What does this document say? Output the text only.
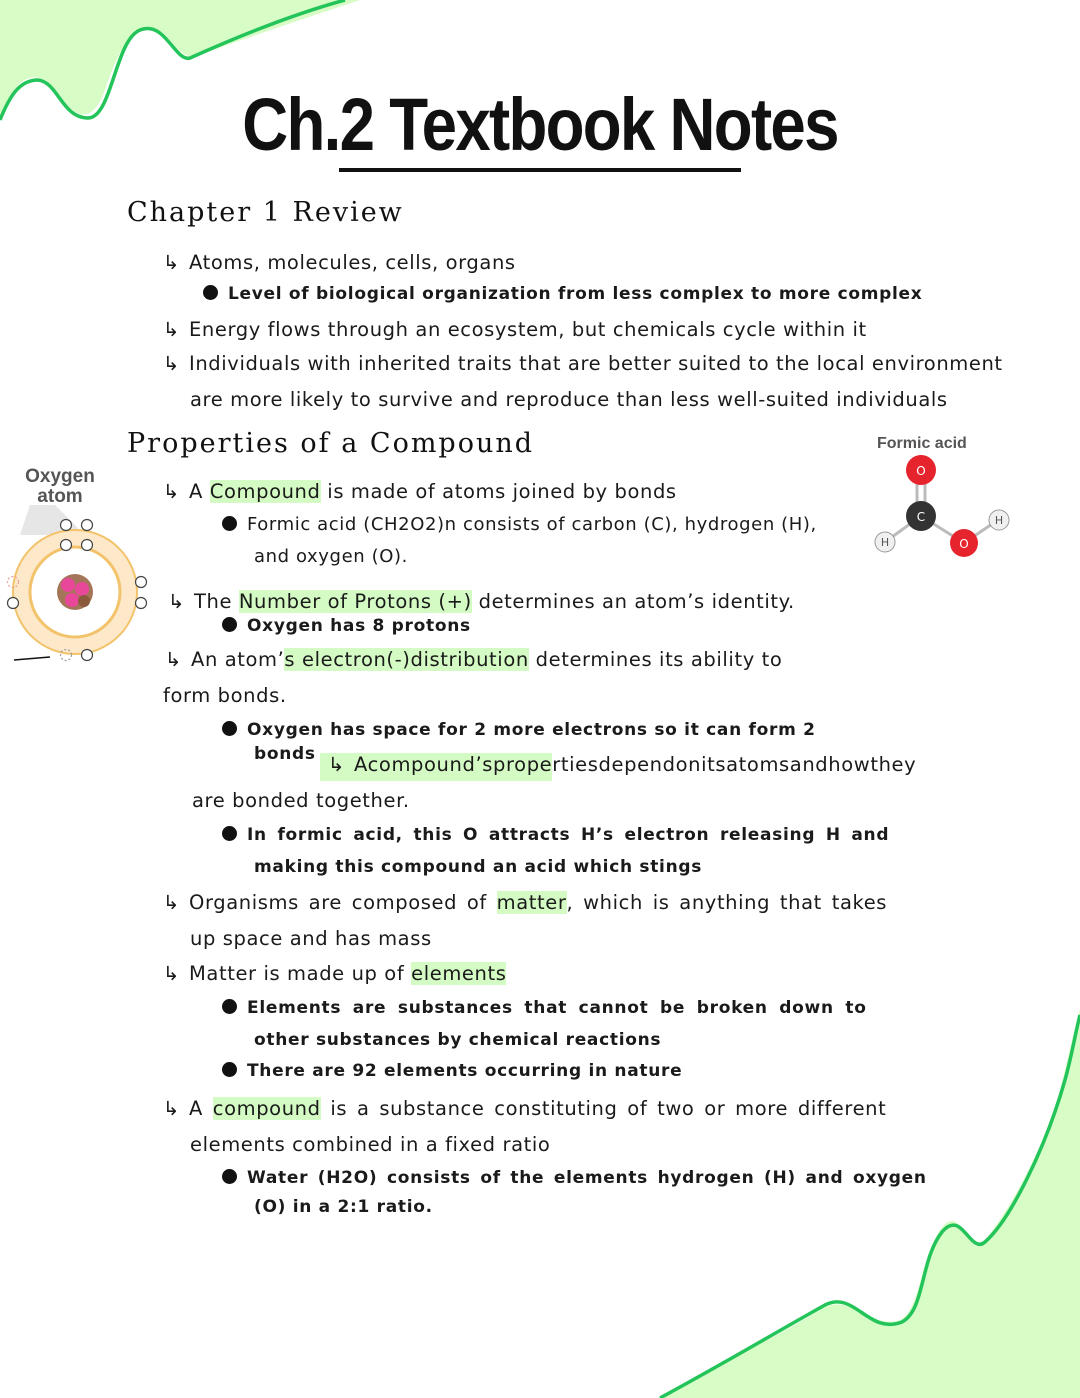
Ch.2 Textbook Notes
Chapter 1 Review
↳ Atoms, molecules, cells, organs
Level of biological organization from less complex to more complex
↳ Energy flows through an ecosystem, but chemicals cycle within it
↳ Individuals with inherited traits that are better suited to the local environment
are more likely to survive and reproduce than less well-suited individuals
Properties of a Compound
↳ A Compound is made of atoms joined by bonds
Formic acid (CH2O2)n consists of carbon (C), hydrogen (H),
and oxygen (O).
↳ The Number of Protons (+) determines an atom’s identity.
Oxygen has 8 protons
↳ An atom’s electron(-)distribution determines its ability to
form bonds.
Oxygen has space for 2 more electrons so it can form 2
bonds ↳ Acompound’spropertiesdependonitsatomsandhowthey
are bonded together.
In formic acid, this O attracts H’s electron releasing H and
making this compound an acid which stings
↳ Organisms are composed of matter, which is anything that takes
up space and has mass
↳ Matter is made up of elements
Elements are substances that cannot be broken down to
other substances by chemical reactions
There are 92 elements occurring in nature
↳ A compound is a substance constituting of two or more different
elements combined in a fixed ratio
Water (H2O) consists of the elements hydrogen (H) and oxygen
(O) in a 2:1 ratio.
Oxygen
atom
Formic acid
O
C
H	O
H
